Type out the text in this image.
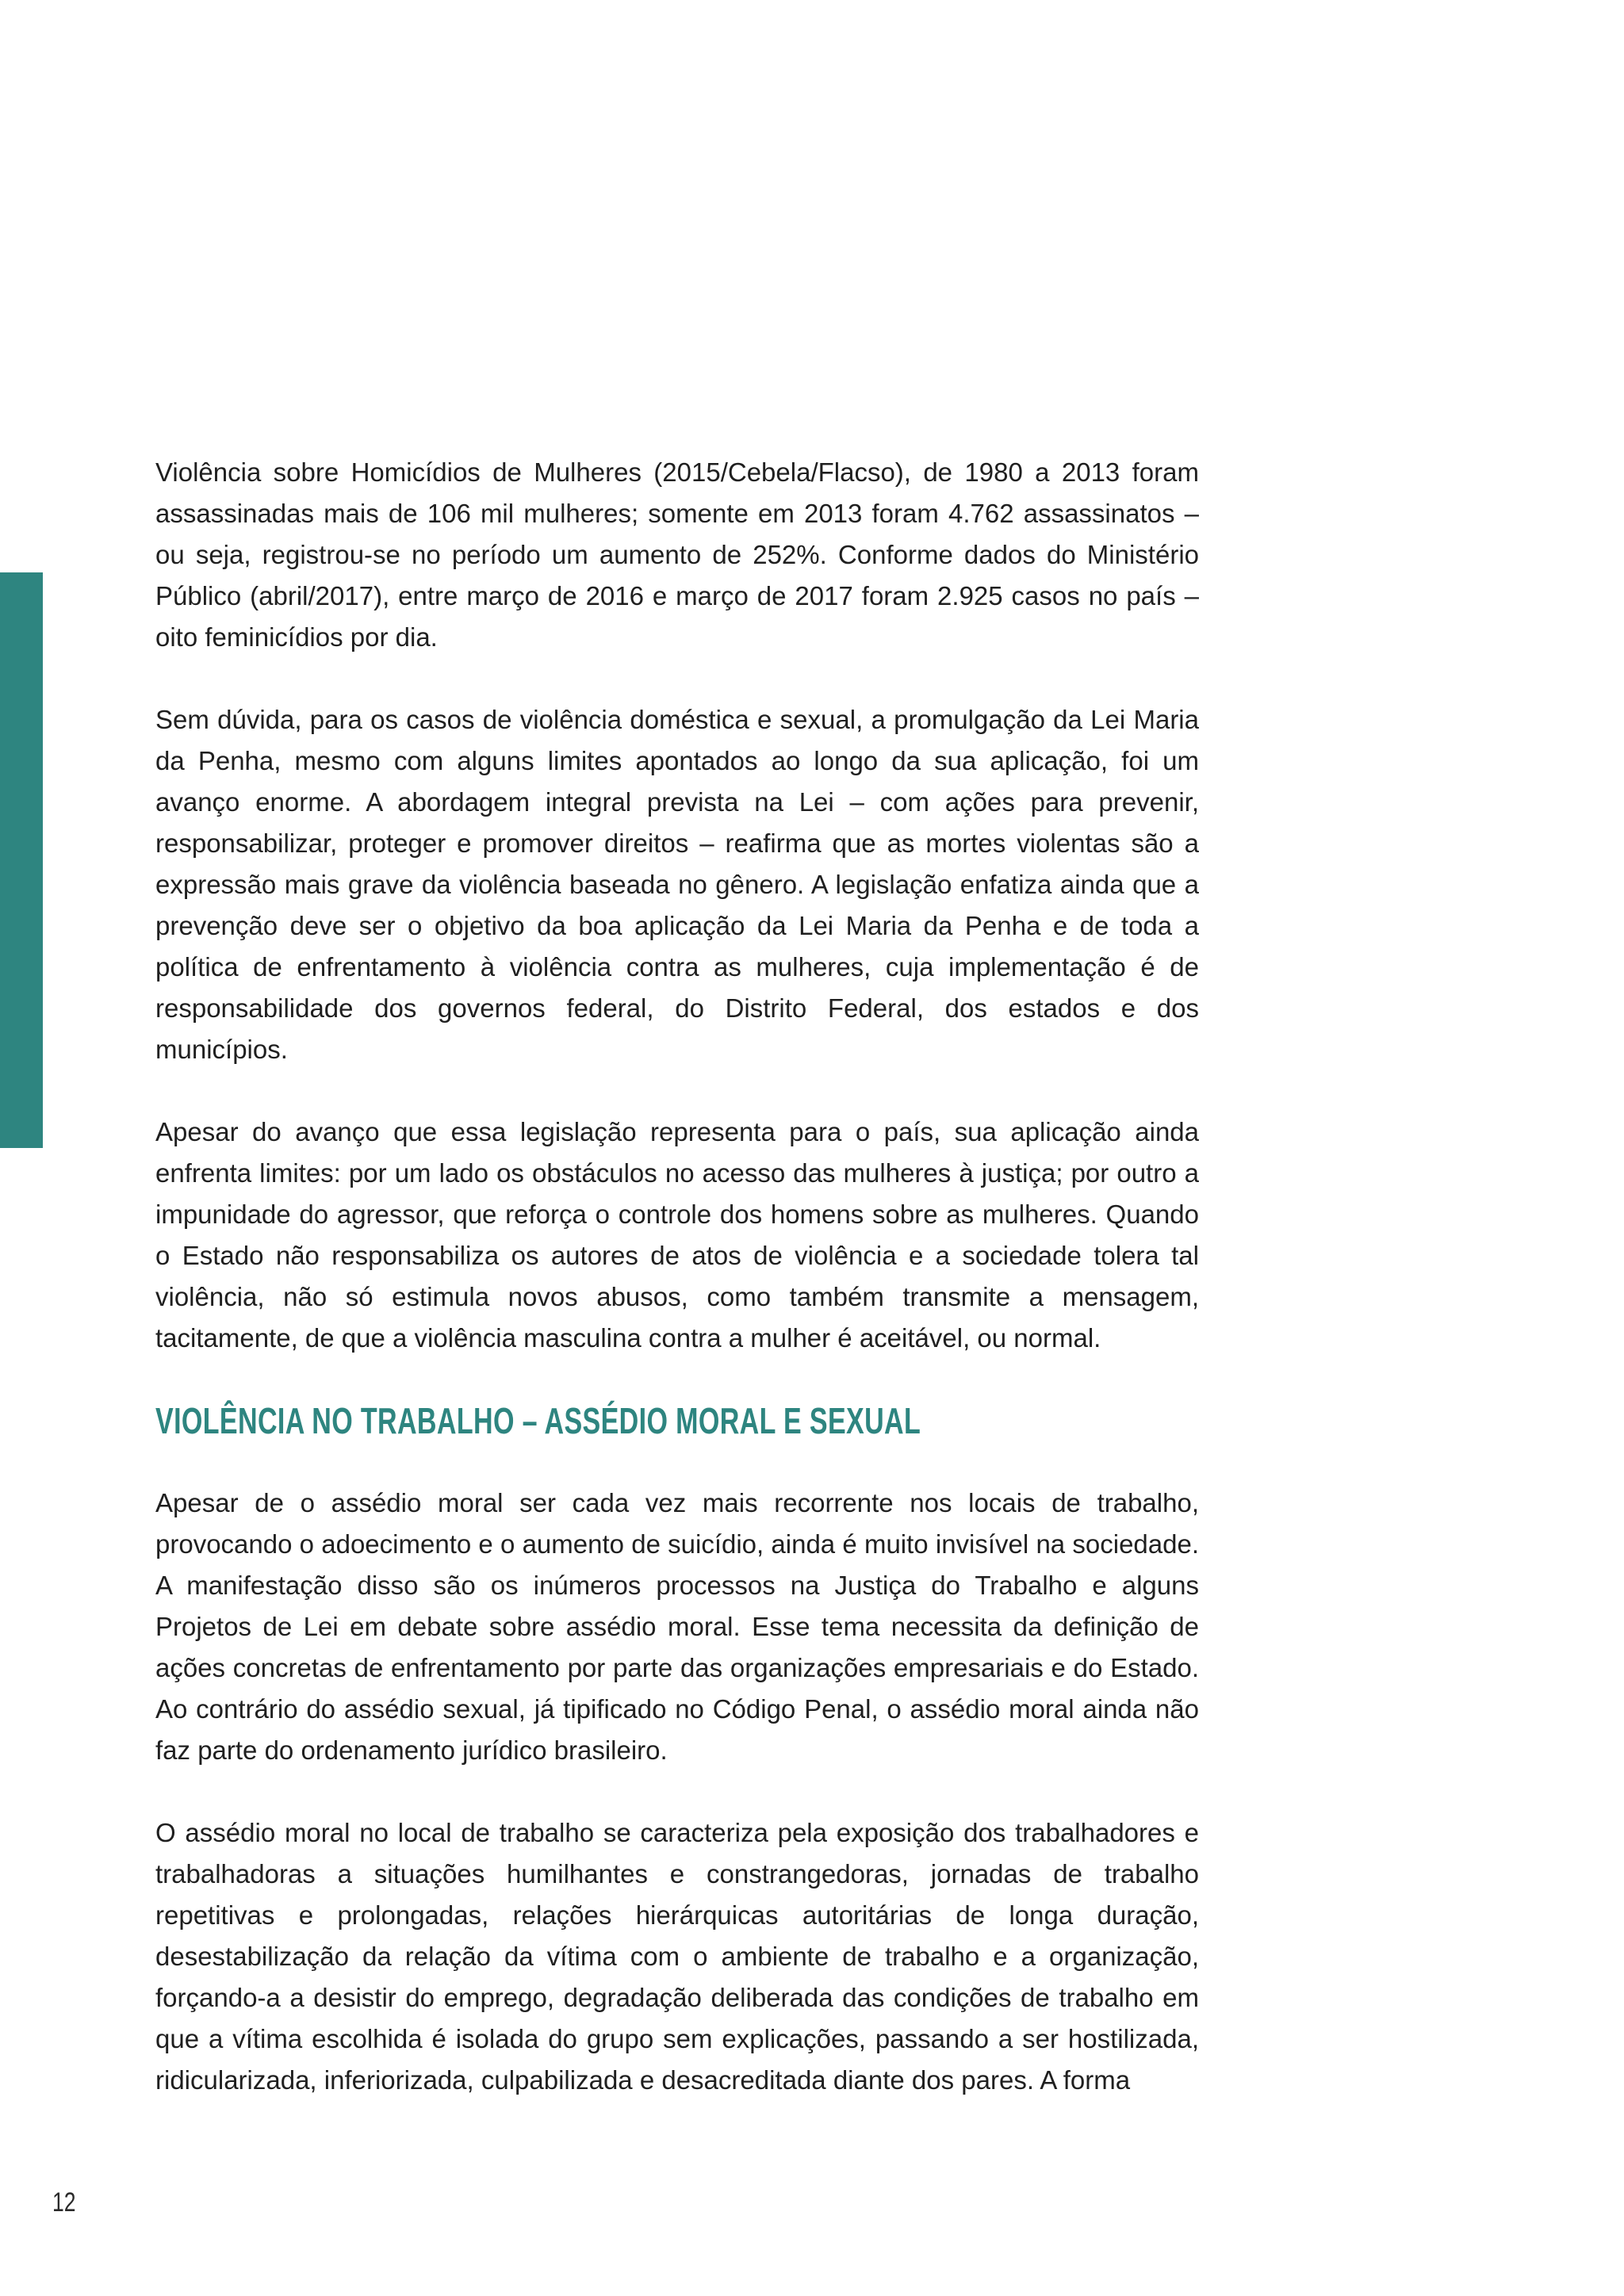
Violência sobre Homicídios de Mulheres (2015/Cebela/Flacso), de 1980 a 2013 foram assassinadas mais de 106 mil mulheres; somente em 2013 foram 4.762 assassinatos – ou seja, registrou-se no período um aumento de 252%. Conforme dados do Ministério Público (abril/2017), entre março de 2016 e março de 2017 foram 2.925 casos no país – oito feminicídios por dia.

Sem dúvida, para os casos de violência doméstica e sexual, a promulgação da Lei Maria da Penha, mesmo com alguns limites apontados ao longo da sua aplicação, foi um avanço enorme. A abordagem integral prevista na Lei – com ações para prevenir, responsabilizar, proteger e promover direitos – reafirma que as mortes violentas são a expressão mais grave da violência baseada no gênero. A legislação enfatiza ainda que a prevenção deve ser o objetivo da boa aplicação da Lei Maria da Penha e de toda a política de enfrentamento à violência contra as mulheres, cuja implementação é de responsabilidade dos governos federal, do Distrito Federal, dos estados e dos municípios.

Apesar do avanço que essa legislação representa para o país, sua aplicação ainda enfrenta limites: por um lado os obstáculos no acesso das mulheres à justiça; por outro a impunidade do agressor, que reforça o controle dos homens sobre as mulheres. Quando o Estado não responsabiliza os autores de atos de violência e a sociedade tolera tal violência, não só estimula novos abusos, como também transmite a mensagem, tacitamente, de que a violência masculina contra a mulher é aceitável, ou normal.

VIOLÊNCIA NO TRABALHO – ASSÉDIO MORAL E SEXUAL

Apesar de o assédio moral ser cada vez mais recorrente nos locais de trabalho, provocando o adoecimento e o aumento de suicídio, ainda é muito invisível na sociedade. A manifestação disso são os inúmeros processos na Justiça do Trabalho e alguns Projetos de Lei em debate sobre assédio moral. Esse tema necessita da definição de ações concretas de enfrentamento por parte das organizações empresariais e do Estado. Ao contrário do assédio sexual, já tipificado no Código Penal, o assédio moral ainda não faz parte do ordenamento jurídico brasileiro.

O assédio moral no local de trabalho se caracteriza pela exposição dos trabalhadores e trabalhadoras a situações humilhantes e constrangedoras, jornadas de trabalho repetitivas e prolongadas, relações hierárquicas autoritárias de longa duração, desestabilização da relação da vítima com o ambiente de trabalho e a organização, forçando-a a desistir do emprego, degradação deliberada das condições de trabalho em que a vítima escolhida é isolada do grupo sem explicações, passando a ser hostilizada, ridicularizada, inferiorizada, culpabilizada e desacreditada diante dos pares. A forma

12
